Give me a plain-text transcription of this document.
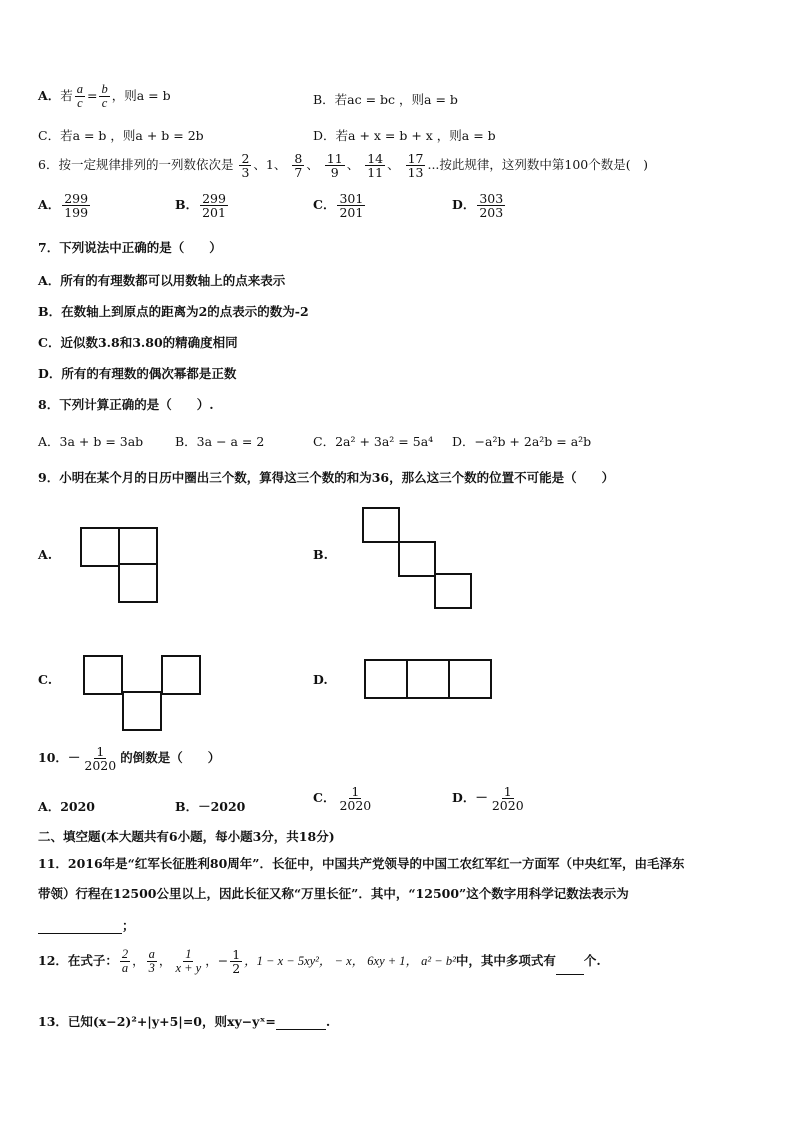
A．若 $\frac{a}{c} = \frac{b}{c}$ ，则a = b	B．若ac = bc ，则a = b
C．若a = b ，则a + b = 2b	D．若a + x = b + x ，则a = b
6．按一定规律排列的一列数依次是 $\frac{2}{3}$ 、1、 $\frac{8}{7}$ 、 $\frac{11}{9}$ 、 $\frac{14}{11}$ 、 $\frac{17}{13}$ ...按此规律，这列数中第100个数是(　)
A． $\frac{299}{199}$	B． $\frac{299}{201}$	C． $\frac{301}{201}$	D． $\frac{303}{203}$
7．下列说法中正确的是（　　）
A．所有的有理数都可以用数轴上的点来表示
B．在数轴上到原点的距离为2的点表示的数为-2
C．近似数3.8和3.80的精确度相同
D．所有的有理数的偶次幂都是正数
8．下列计算正确的是（　　）.
A．3a + b = 3ab	B．3a − a = 2	C．2a² + 3a² = 5a⁴ D．−a²b + 2a²b = a²b
9．小明在某个月的日历中圈出三个数，算得这三个数的和为36，那么这三个数的位置不可能是（　　）
A.	B.
C.	D.
10．－ $\frac{1}{2020}$ 的倒数是（　　）
A．2020	B．－2020
C． $\frac{1}{2020}$	D．－ $\frac{1}{2020}$
二、填空题(本大题共有6小题，每小题3分，共18分)
11．2016年是“红军长征胜利80周年”．长征中，中国共产党领导的中国工农红军红一方面军（中央红军，由毛泽东
带领）行程在12500公里以上，因此长征又称“万里长征”．其中，“12500”这个数字用科学记数法表示为
；
12．在式子： $\frac{2}{a}$ ， $\frac{a}{3}$ ， $\frac{1}{x + y}$ ，− $\frac{1}{2}$ ，1 − x − 5xy²， − x， 6xy + 1， a² − b²中，其中多项式有 个.
13．已知(x−2)²+|y+5|=0，则xy−yˣ=	.
